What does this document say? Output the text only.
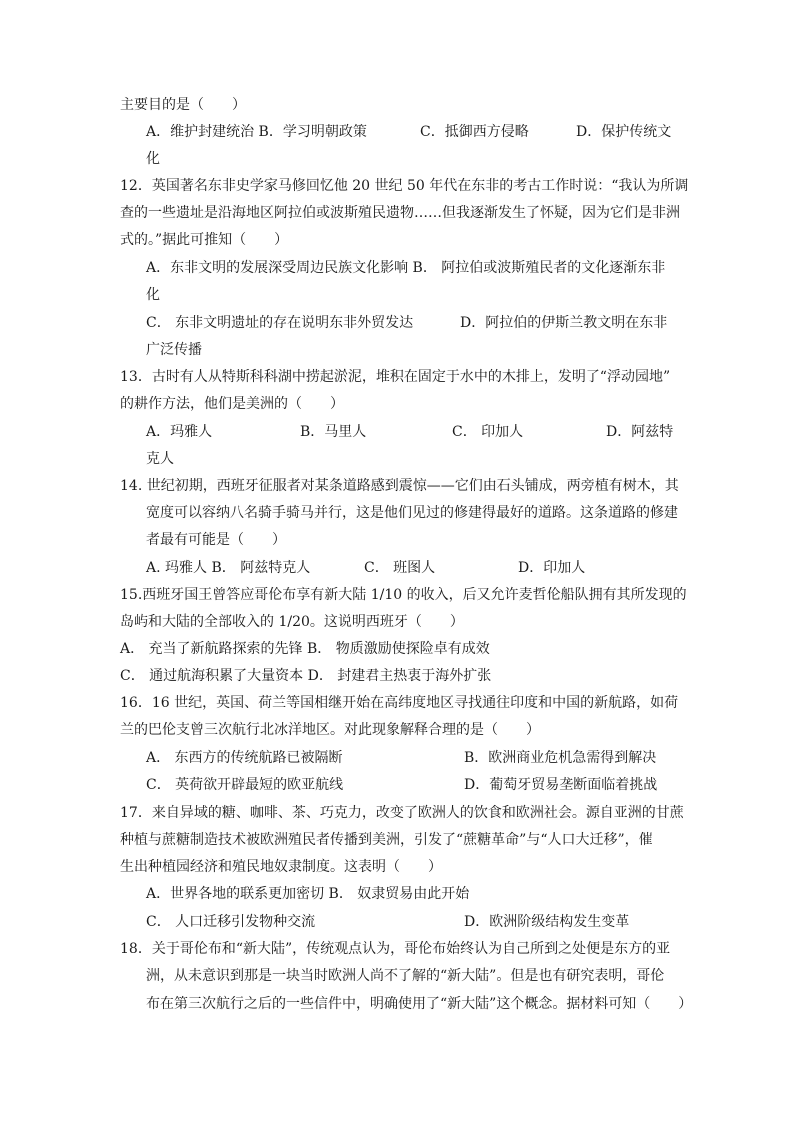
主要目的是（　　）
A．维护封建统治 B．学习明朝政策	C．抵御西方侵略	D．保护传统文
化
12．英国著名东非史学家马修回忆他 20 世纪 50 年代在东非的考古工作时说：“我认为所调
查的一些遗址是沿海地区阿拉伯或波斯殖民遗物……但我逐渐发生了怀疑，因为它们是非洲
式的。”据此可推知（　　）
A．东非文明的发展深受周边民族文化影响 B． 阿拉伯或波斯殖民者的文化逐渐东非
化
C． 东非文明遗址的存在说明东非外贸发达	D．阿拉伯的伊斯兰教文明在东非
广泛传播
13．古时有人从特斯科科湖中捞起淤泥，堆积在固定于水中的木排上，发明了“浮动园地”
的耕作方法，他们是美洲的（　　）
A．玛雅人	B．马里人	C． 印加人	D．阿兹特
克人
14. 世纪初期，西班牙征服者对某条道路感到震惊——它们由石头铺成，两旁植有树木，其
宽度可以容纳八名骑手骑马并行，这是他们见过的修建得最好的道路。这条道路的修建
者最有可能是（　　）
A. 玛雅人 B． 阿兹特克人	C． 班图人	D．印加人
15.西班牙国王曾答应哥伦布享有新大陆 1/10 的收入，后又允许麦哲伦船队拥有其所发现的
岛屿和大陆的全部收入的 1/20。这说明西班牙（　　）
A． 充当了新航路探索的先锋 B． 物质激励使探险卓有成效
C． 通过航海积累了大量资本 D． 封建君主热衷于海外扩张
16．16 世纪，英国、荷兰等国相继开始在高纬度地区寻找通往印度和中国的新航路，如荷
兰的巴伦支曾三次航行北冰洋地区。对此现象解释合理的是（　　）
A． 东西方的传统航路已被隔断	B．欧洲商业危机急需得到解决
C． 英荷欲开辟最短的欧亚航线	D．葡萄牙贸易垄断面临着挑战
17．来自异域的糖、咖啡、茶、巧克力，改变了欧洲人的饮食和欧洲社会。源自亚洲的甘蔗
种植与蔗糖制造技术被欧洲殖民者传播到美洲，引发了“蔗糖革命”与“人口大迁移”，催
生出种植园经济和殖民地奴隶制度。这表明（　　）
A．世界各地的联系更加密切 B． 奴隶贸易由此开始
C． 人口迁移引发物种交流	D．欧洲阶级结构发生变革
18．关于哥伦布和“新大陆”，传统观点认为，哥伦布始终认为自己所到之处便是东方的亚
洲，从未意识到那是一块当时欧洲人尚不了解的“新大陆”。但是也有研究表明，哥伦
布在第三次航行之后的一些信件中，明确使用了“新大陆”这个概念。据材料可知（　　）
